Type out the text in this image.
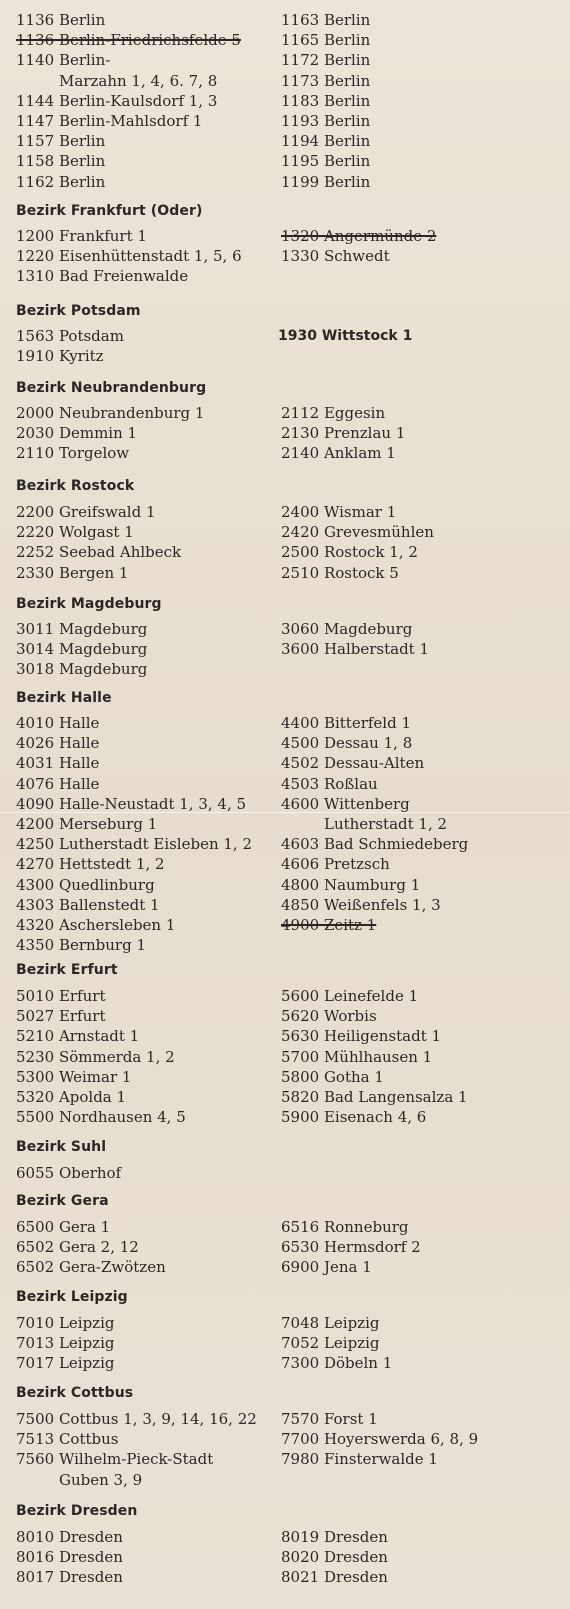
1136 Berlin
1136 Berlin-Friedrichsfelde 5
1140 Berlin-
Marzahn 1, 4, 6. 7, 8
1144 Berlin-Kaulsdorf 1, 3
1147 Berlin-Mahlsdorf 1
1157 Berlin
1158 Berlin
1162 Berlin
1163 Berlin
1165 Berlin
1172 Berlin
1173 Berlin
1183 Berlin
1193 Berlin
1194 Berlin
1195 Berlin
1199 Berlin
Bezirk Frankfurt (Oder)
1200 Frankfurt 1
1220 Eisenhüttenstadt 1, 5, 6
1310 Bad Freienwalde
1320 Angermünde 2
1330 Schwedt
Bezirk Potsdam
1563 Potsdam
1910 Kyritz
1930 Wittstock 1
Bezirk Neubrandenburg
2000 Neubrandenburg 1
2030 Demmin 1
2110 Torgelow
2112 Eggesin
2130 Prenzlau 1
2140 Anklam 1
Bezirk Rostock
2200 Greifswald 1
2220 Wolgast 1
2252 Seebad Ahlbeck
2330 Bergen 1
2400 Wismar 1
2420 Grevesmühlen
2500 Rostock 1, 2
2510 Rostock 5
Bezirk Magdeburg
3011 Magdeburg
3014 Magdeburg
3018 Magdeburg
3060 Magdeburg
3600 Halberstadt 1
Bezirk Halle
4010 Halle
4026 Halle
4031 Halle
4076 Halle
4090 Halle-Neustadt 1, 3, 4, 5
4200 Merseburg 1
4250 Lutherstadt Eisleben 1, 2
4270 Hettstedt 1, 2
4300 Quedlinburg
4303 Ballenstedt 1
4320 Aschersleben 1
4350 Bernburg 1
4400 Bitterfeld 1
4500 Dessau 1, 8
4502 Dessau-Alten
4503 Roßlau
4600 Wittenberg
Lutherstadt 1, 2
4603 Bad Schmiedeberg
4606 Pretzsch
4800 Naumburg 1
4850 Weißenfels 1, 3
4900 Zeitz 1
Bezirk Erfurt
5010 Erfurt
5027 Erfurt
5210 Arnstadt 1
5230 Sömmerda 1, 2
5300 Weimar 1
5320 Apolda 1
5500 Nordhausen 4, 5
5600 Leinefelde 1
5620 Worbis
5630 Heiligenstadt 1
5700 Mühlhausen 1
5800 Gotha 1
5820 Bad Langensalza 1
5900 Eisenach 4, 6
Bezirk Suhl
6055 Oberhof
Bezirk Gera
6500 Gera 1
6502 Gera 2, 12
6502 Gera-Zwötzen
6516 Ronneburg
6530 Hermsdorf 2
6900 Jena 1
Bezirk Leipzig
7010 Leipzig
7013 Leipzig
7017 Leipzig
7048 Leipzig
7052 Leipzig
7300 Döbeln 1
Bezirk Cottbus
7500 Cottbus 1, 3, 9, 14, 16, 22
7513 Cottbus
7560 Wilhelm-Pieck-Stadt
Guben 3, 9
7570 Forst 1
7700 Hoyerswerda 6, 8, 9
7980 Finsterwalde 1
Bezirk Dresden
8010 Dresden
8016 Dresden
8017 Dresden
8019 Dresden
8020 Dresden
8021 Dresden
